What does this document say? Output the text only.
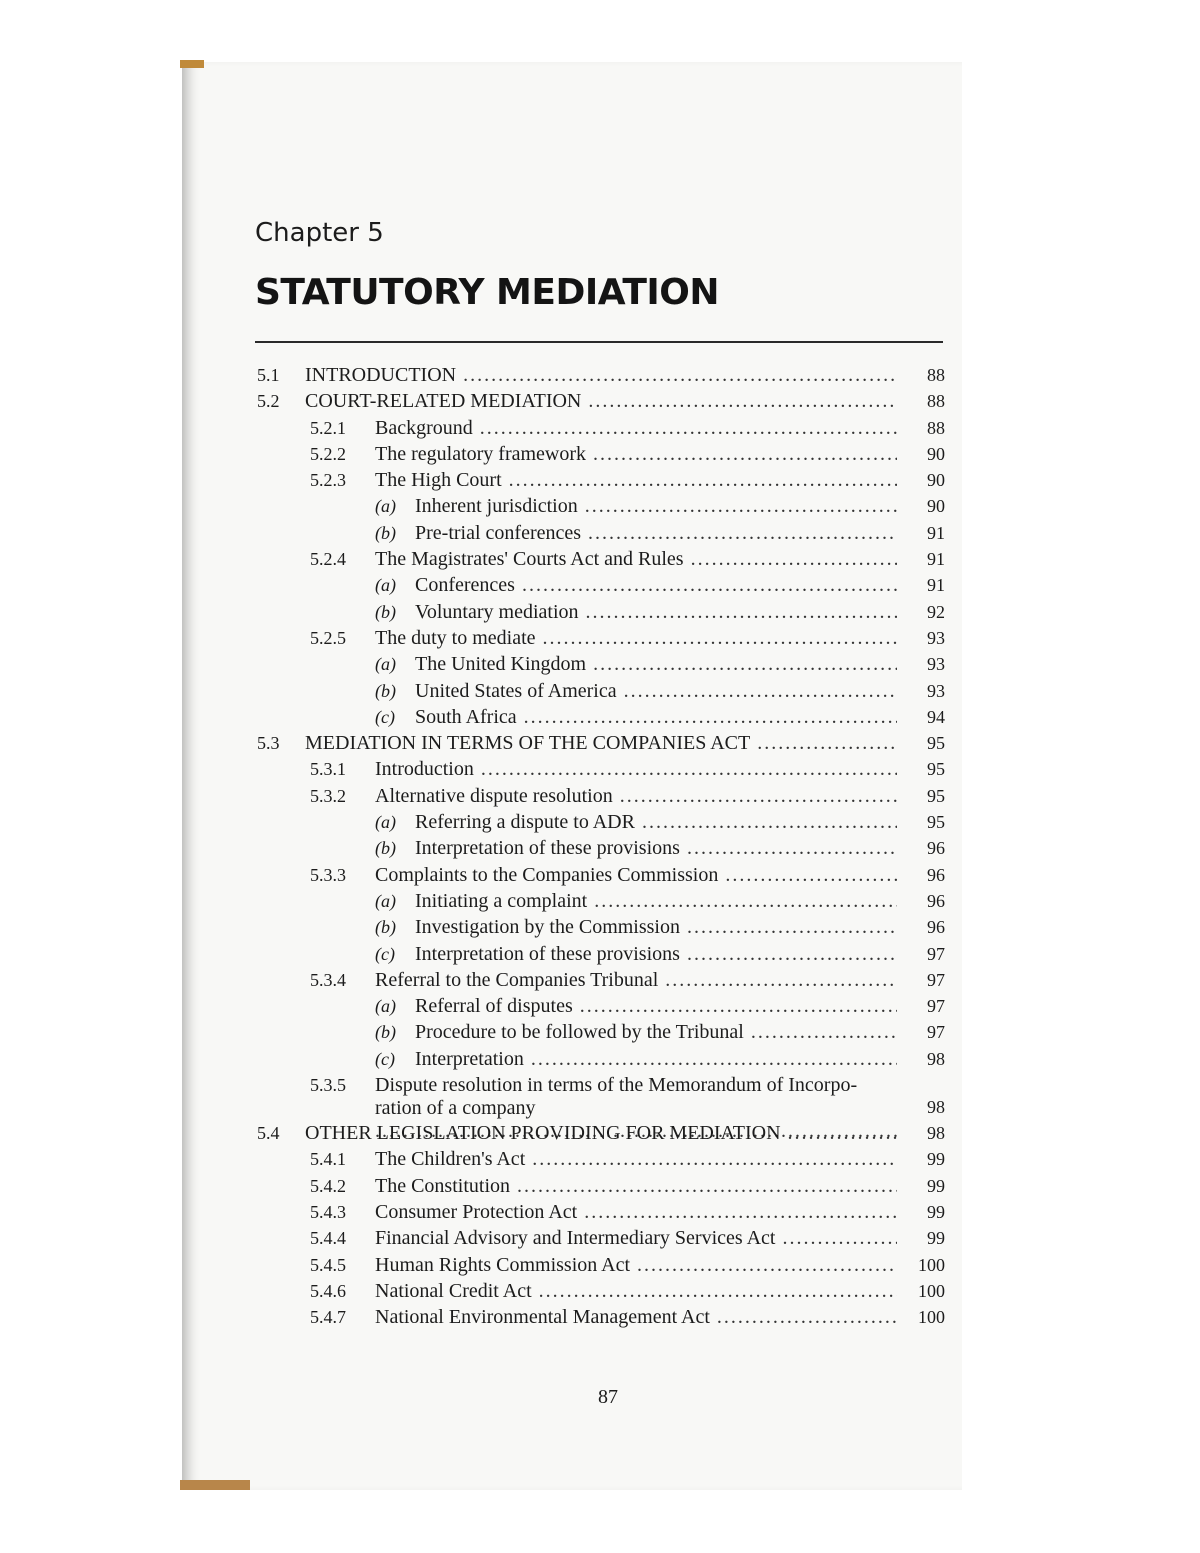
Chapter 5
STATUTORY MEDIATION
5.1 INTRODUCTION .....	88
5.2 COURT-RELATED MEDIATION .....	88
5.2.1 Background .....	88
5.2.2 The regulatory framework .....	90
5.2.3 The High Court .....	90
(a) Inherent jurisdiction .....	90
(b) Pre-trial conferences .....	91
5.2.4 The Magistrates' Courts Act and Rules .....	91
(a) Conferences .....	91
(b) Voluntary mediation .....	92
5.2.5 The duty to mediate .....	93
(a) The United Kingdom .....	93
(b) United States of America .....	93
(c) South Africa .....	94
5.3 MEDIATION IN TERMS OF THE COMPANIES ACT .....	95
5.3.1 Introduction .....	95
5.3.2 Alternative dispute resolution .....	95
(a) Referring a dispute to ADR .....	95
(b) Interpretation of these provisions .....	96
5.3.3 Complaints to the Companies Commission .....	96
(a) Initiating a complaint .....	96
(b) Investigation by the Commission .....	96
(c) Interpretation of these provisions .....	97
5.3.4 Referral to the Companies Tribunal .....	97
(a) Referral of disputes .....	97
(b) Procedure to be followed by the Tribunal .....	97
(c) Interpretation .....	98
5.3.5 Dispute resolution in terms of the Memorandum of Incorpo-
ration of a company .....	98
5.4 OTHER LEGISLATION PROVIDING FOR MEDIATION .....	98
5.4.1 The Children's Act .....	99
5.4.2 The Constitution .....	99
5.4.3 Consumer Protection Act .....	99
5.4.4 Financial Advisory and Intermediary Services Act .....	99
5.4.5 Human Rights Commission Act .....	100
5.4.6 National Credit Act .....	100
5.4.7 National Environmental Management Act .....	100
87
